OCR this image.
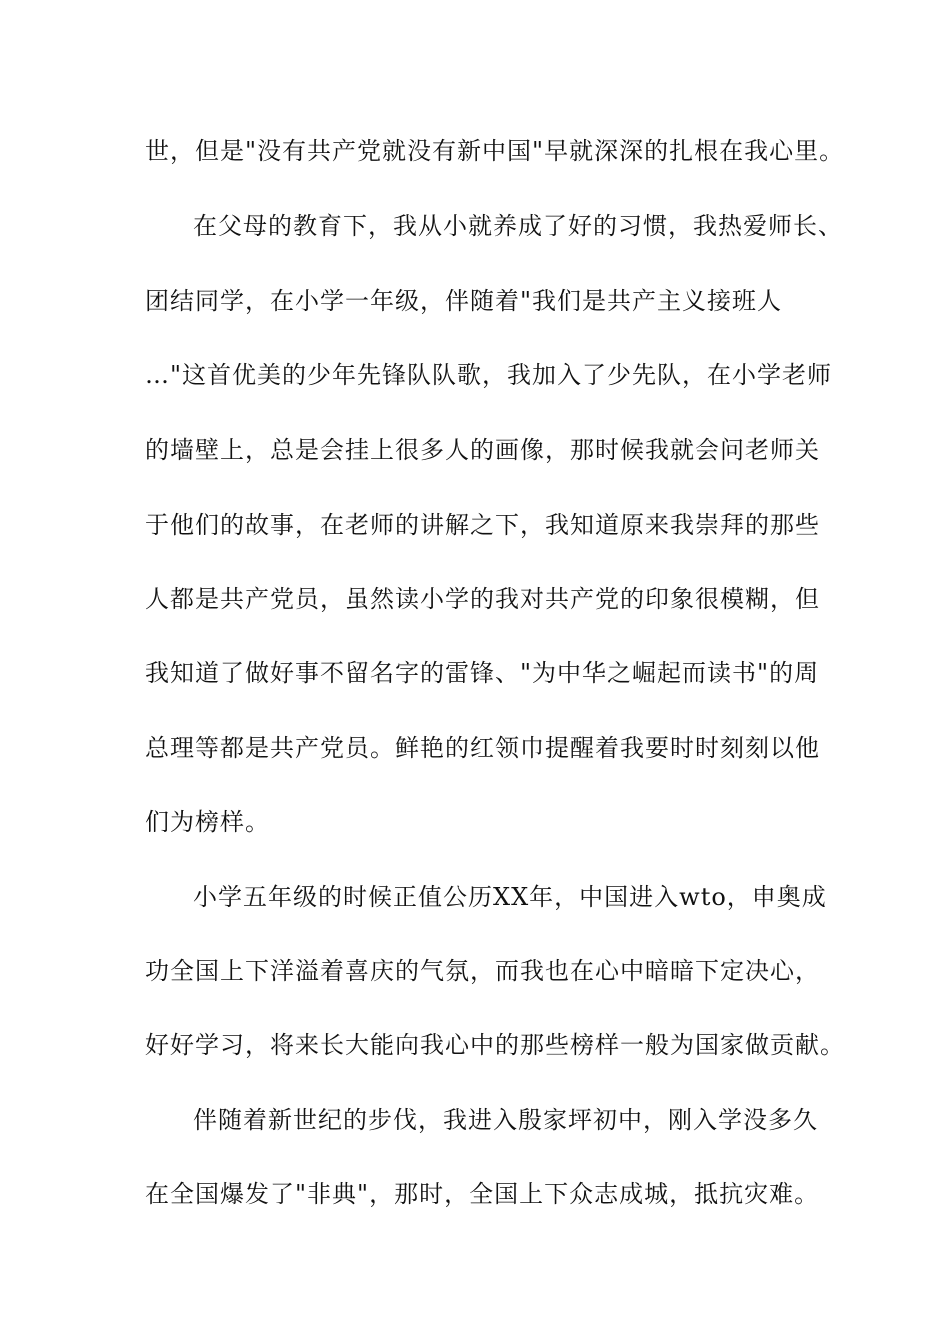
世，但是"没有共产党就没有新中国"早就深深的扎根在我心里。

在父母的教育下，我从小就养成了好的习惯，我热爱师长、

团结同学，在小学一年级，伴随着"我们是共产主义接班人

…"这首优美的少年先锋队队歌，我加入了少先队，在小学老师

的墙壁上，总是会挂上很多人的画像，那时候我就会问老师关

于他们的故事，在老师的讲解之下，我知道原来我崇拜的那些

人都是共产党员，虽然读小学的我对共产党的印象很模糊，但

我知道了做好事不留名字的雷锋、"为中华之崛起而读书"的周

总理等都是共产党员。鲜艳的红领巾提醒着我要时时刻刻以他

们为榜样。

小学五年级的时候正值公历XX年，中国进入wto，申奥成

功全国上下洋溢着喜庆的气氛，而我也在心中暗暗下定决心，

好好学习，将来长大能向我心中的那些榜样一般为国家做贡献。

伴随着新世纪的步伐，我进入殷家坪初中，刚入学没多久

在全国爆发了"非典"，那时，全国上下众志成城，抵抗灾难。
